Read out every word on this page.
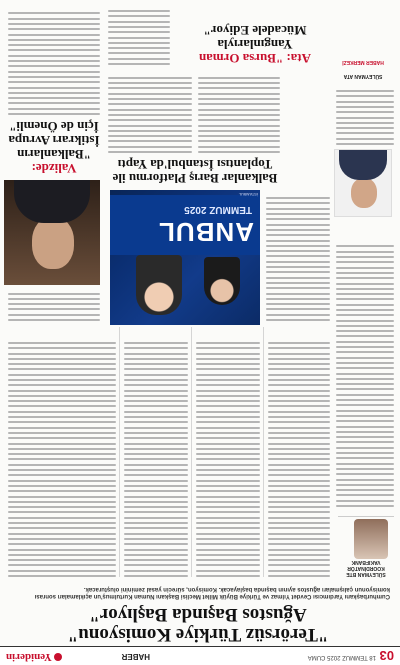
03
18 TEMMUZ 2025 CUMA
HABER
Yeniderin
"Terörsüz Türkiye Komisyonu"
Ağustos Başında Başlıyor"
Cumhurbaşkanı Yardımcısı Cevdet Yılmaz ve Türkiye Büyük Millet Meclisi Başkanı Numan Kurtulmuş'un açıklamaları sonrası komisyonun çalışmaları ağustos ayının başında başlayacak. Komisyon, sürecin yasal zeminini oluşturacak.
SÜLEYMAN BTE KOORDİNATÖR VAKIFBANK
ANBUL
TEMMUZ 2025
İSTANBUL
Balkanlar Barış Platformu ile
Toplantısı İstanbul'da Yaptı
Valizde:
"Balkanların
İstikrarı Avrupa
İçin de Önemli"
SÜLEYMAN ATA
HABER MERKEZİ
Ata: "Bursa Orman
Yangınlarıyla
Mücadele Ediyor"
